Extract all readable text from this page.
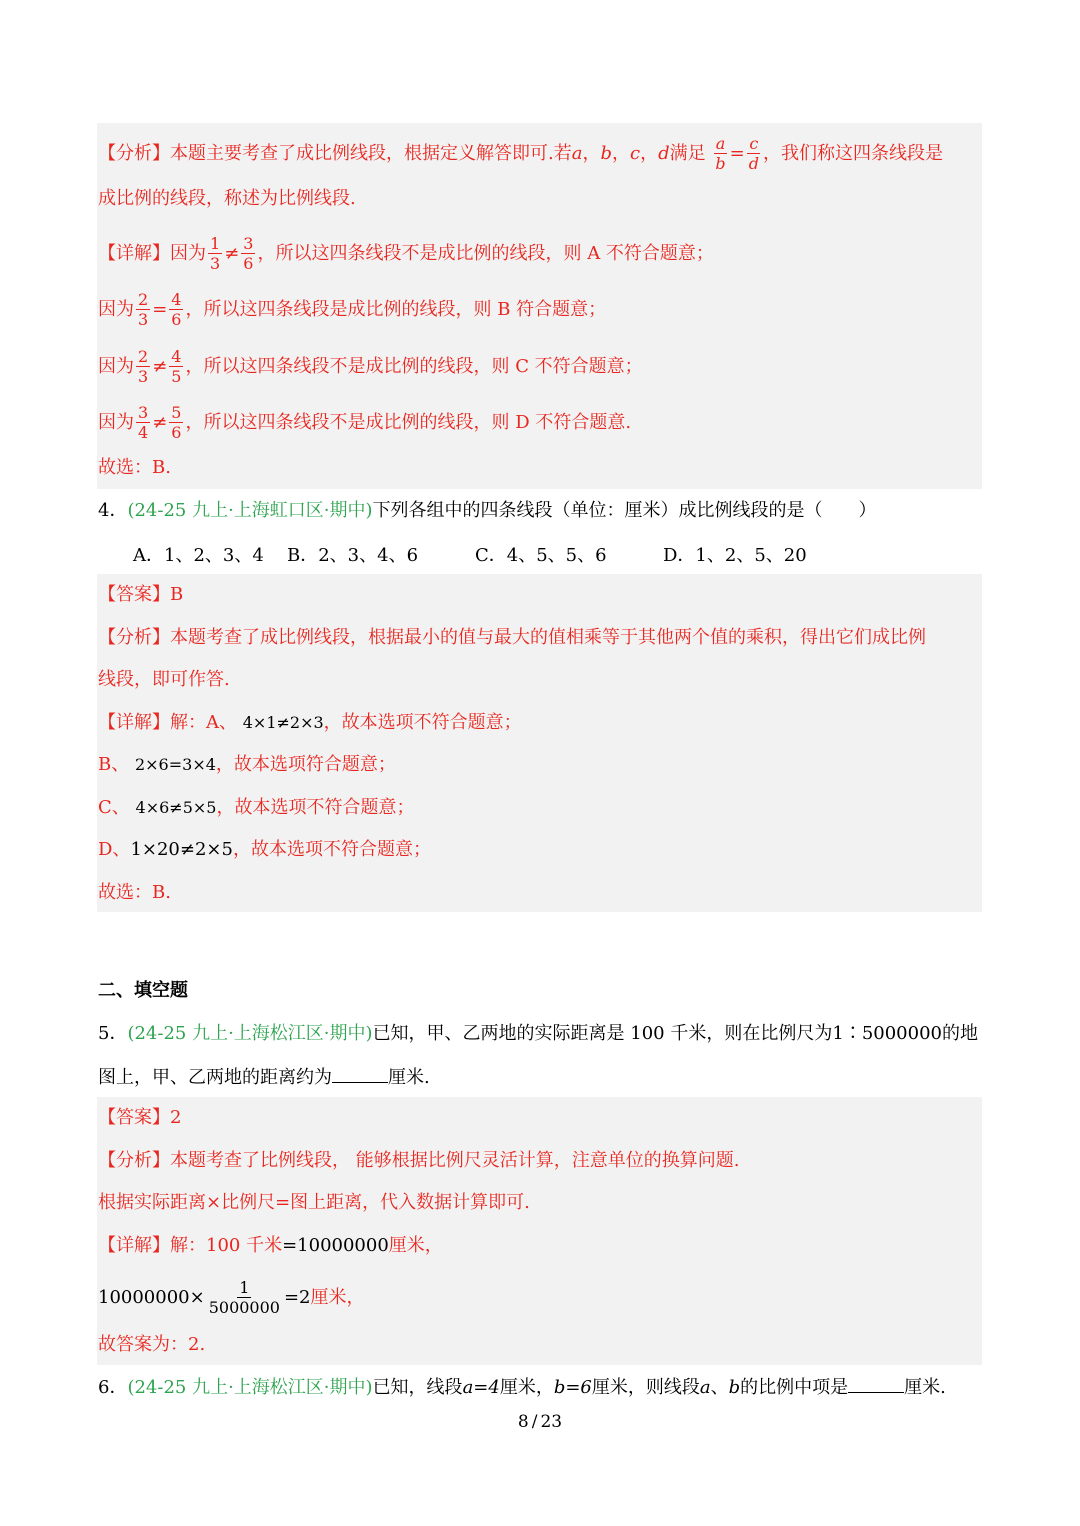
【分析】本题主要考查了成比例线段，根据定义解答即可.若a，b，c，d满足 $\frac{a}{b} = \frac{c}{d}$ ，我们称这四条线段是
成比例的线段，称述为比例线段.
【详解】因为 $\frac{1}{3} \ne \frac{3}{6}$ ，所以这四条线段不是成比例的线段，则 A 不符合题意；
因为 $\frac{2}{3} = \frac{4}{6}$ ，所以这四条线段是成比例的线段，则 B 符合题意；
因为 $\frac{2}{3} \ne \frac{4}{5}$ ，所以这四条线段不是成比例的线段，则 C 不符合题意；
因为 $\frac{3}{4} \ne \frac{5}{6}$ ，所以这四条线段不是成比例的线段，则 D 不符合题意.
故选：B.
4．(24-25 九上·上海虹口区·期中)下列各组中的四条线段（单位：厘米）成比例线段的是（　　）
A．1、2、3、4 B．2、3、4、6	C．4、5、5、6	D．1、2、5、20
【答案】B
【分析】本题考查了成比例线段，根据最小的值与最大的值相乘等于其他两个值的乘积，得出它们成比例
线段，即可作答.
【详解】解：A、 4×1≠2×3，故本选项不符合题意；
B、 2×6=3×4，故本选项符合题意；
C、 4×6≠5×5，故本选项不符合题意；
D、1×20≠2×5，故本选项不符合题意；
故选：B.
二、填空题
5．(24-25 九上·上海松江区·期中)已知，甲、乙两地的实际距离是 100 千米，则在比例尺为1∶5000000的地
图上，甲、乙两地的距离约为	厘米.
【答案】2
【分析】本题考查了比例线段， 能够根据比例尺灵活计算，注意单位的换算问题.
根据实际距离×比例尺=图上距离，代入数据计算即可.
【详解】解：100 千米=10000000厘米，
$10000000\times \frac{1}{5000000} =2$厘米，
故答案为：2.
6．(24-25 九上·上海松江区·期中)已知，线段a=4厘米，b=6厘米，则线段a、b的比例中项是	厘米.
8 / 23
